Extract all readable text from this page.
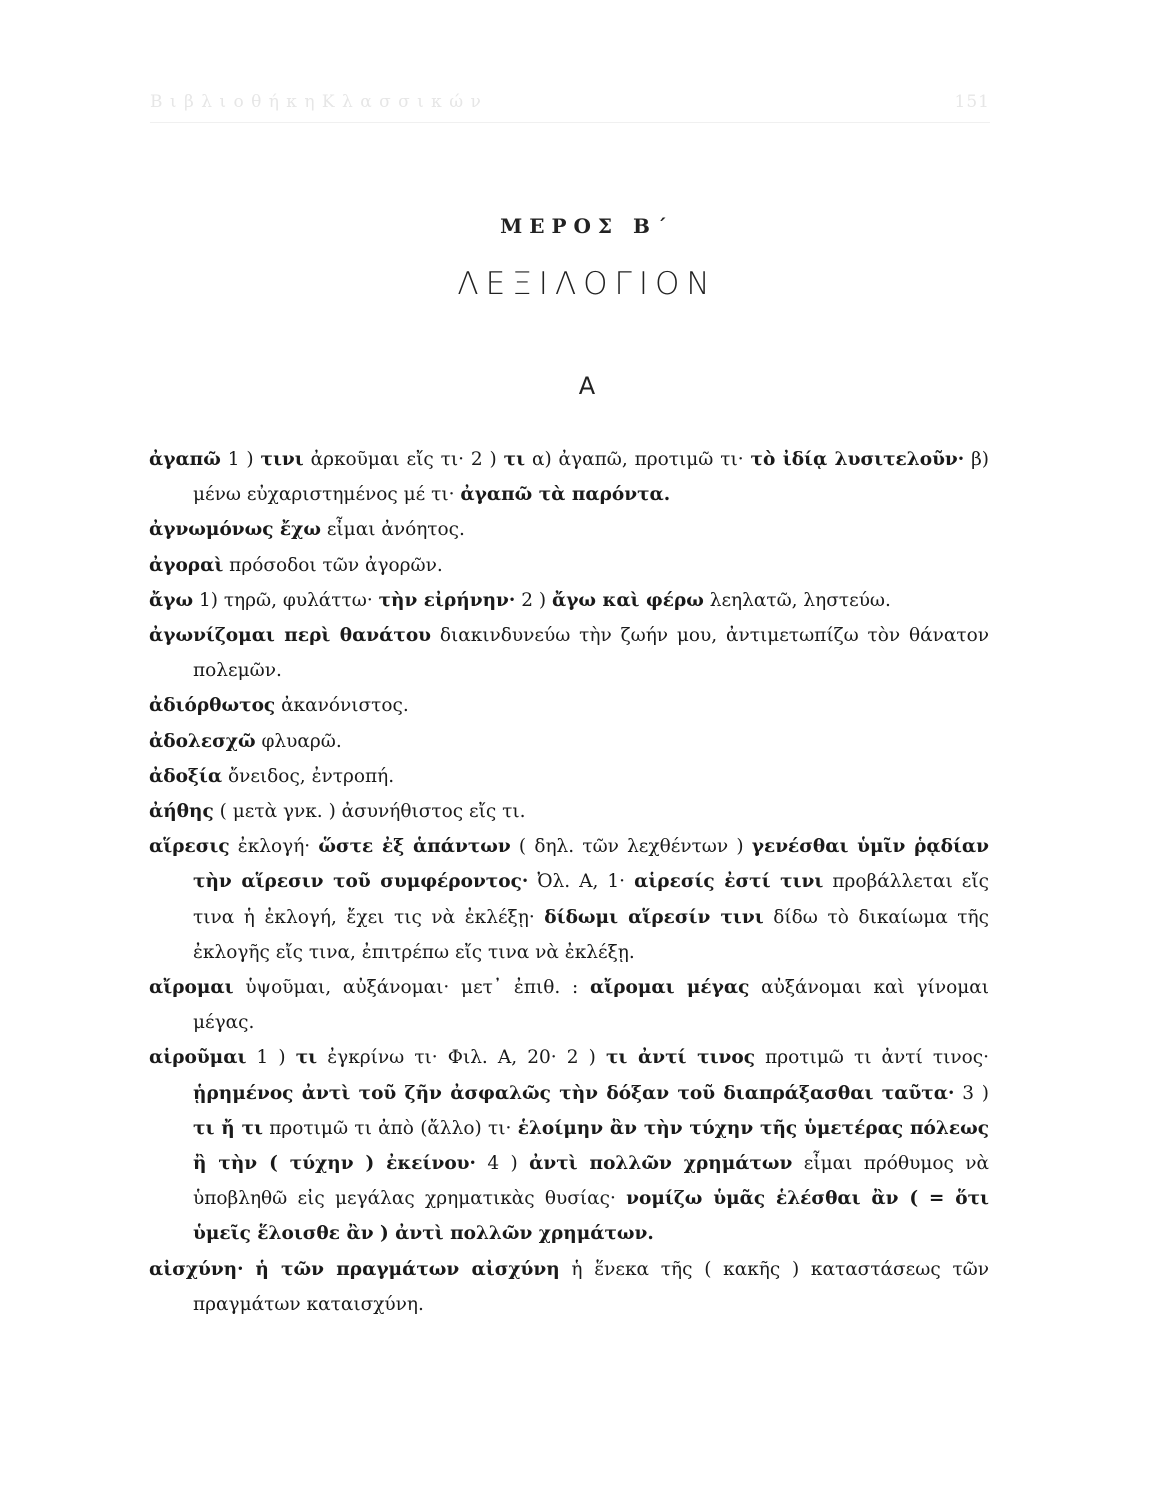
Β ι β λ ι ο θ ή κ η Κ λ α σ σ ι κ ώ ν	151
ΜΕΡΟΣ Β΄
ΛΕΞΙΛΟΓΙΟΝ
Α
ἀγαπῶ 1 ) τινι ἀρκοῦμαι εἴς τι· 2 ) τι α) ἀγαπῶ, προτιμῶ τι· τὸ ἰδίᾳ λυσιτελοῦν· β) μένω εὐχαριστημένος μέ τι· ἀγαπῶ τὰ παρόντα.
ἀγνωμόνως ἔχω εἶμαι ἀνόητος.
ἀγοραὶ πρόσοδοι τῶν ἀγορῶν.
ἄγω 1) τηρῶ, φυλάττω· τὴν εἰρήνην· 2 ) ἄγω καὶ φέρω λεηλατῶ, ληστεύω.
ἀγωνίζομαι περὶ θανάτου διακινδυνεύω τὴν ζωήν μου, ἀντιμετωπίζω τὸν θάνατον πολεμῶν.
ἀδιόρθωτος ἀκανόνιστος.
ἀδολεσχῶ φλυαρῶ.
ἀδοξία ὄνειδος, ἐντροπή.
ἀήθης ( μετὰ γνκ. ) ἀσυνήθιστος εἴς τι.
αἵρεσις ἐκλογή· ὥστε ἐξ ἁπάντων ( δηλ. τῶν λεχθέντων ) γενέσθαι ὑμῖν ῥᾳδίαν τὴν αἵρεσιν τοῦ συμφέροντος· Ὀλ. Α, 1· αἱρεσίς ἐστί τινι προβάλλεται εἴς τινα ἡ ἐκλογή, ἔχει τις νὰ ἐκλέξῃ· δίδωμι αἵρεσίν τινι δίδω τὸ δικαίωμα τῆς ἐκλογῆς εἴς τινα, ἐπιτρέπω εἴς τινα νὰ ἐκλέξῃ.
αἴρομαι ὑψοῦμαι, αὐξάνομαι· μετ᾽ ἐπιθ. : αἴρομαι μέγας αὐξάνομαι καὶ γίνομαι μέγας.
αἱροῦμαι 1 ) τι ἐγκρίνω τι· Φιλ. Α, 20· 2 ) τι ἀντί τινος προτιμῶ τι ἀντί τινος· ᾑρημένος ἀντὶ τοῦ ζῆν ἀσφαλῶς τὴν δόξαν τοῦ διαπράξασθαι ταῦτα· 3 ) τι ἤ τι προτιμῶ τι ἀπὸ (ἄλλο) τι· ἑλοίμην ἂν τὴν τύχην τῆς ὑμετέρας πόλεως ἢ τὴν ( τύχην ) ἐκείνου· 4 ) ἀντὶ πολλῶν χρημάτων εἶμαι πρόθυμος νὰ ὑποβληθῶ εἰς μεγάλας χρηματικὰς θυσίας· νομίζω ὑμᾶς ἑλέσθαι ἂν ( = ὅτι ὑμεῖς ἕλοισθε ἂν ) ἀντὶ πολλῶν χρημάτων.
αἰσχύνη· ἡ τῶν πραγμάτων αἰσχύνη ἡ ἕνεκα τῆς ( κακῆς ) καταστάσεως τῶν πραγμάτων καταισχύνη.
